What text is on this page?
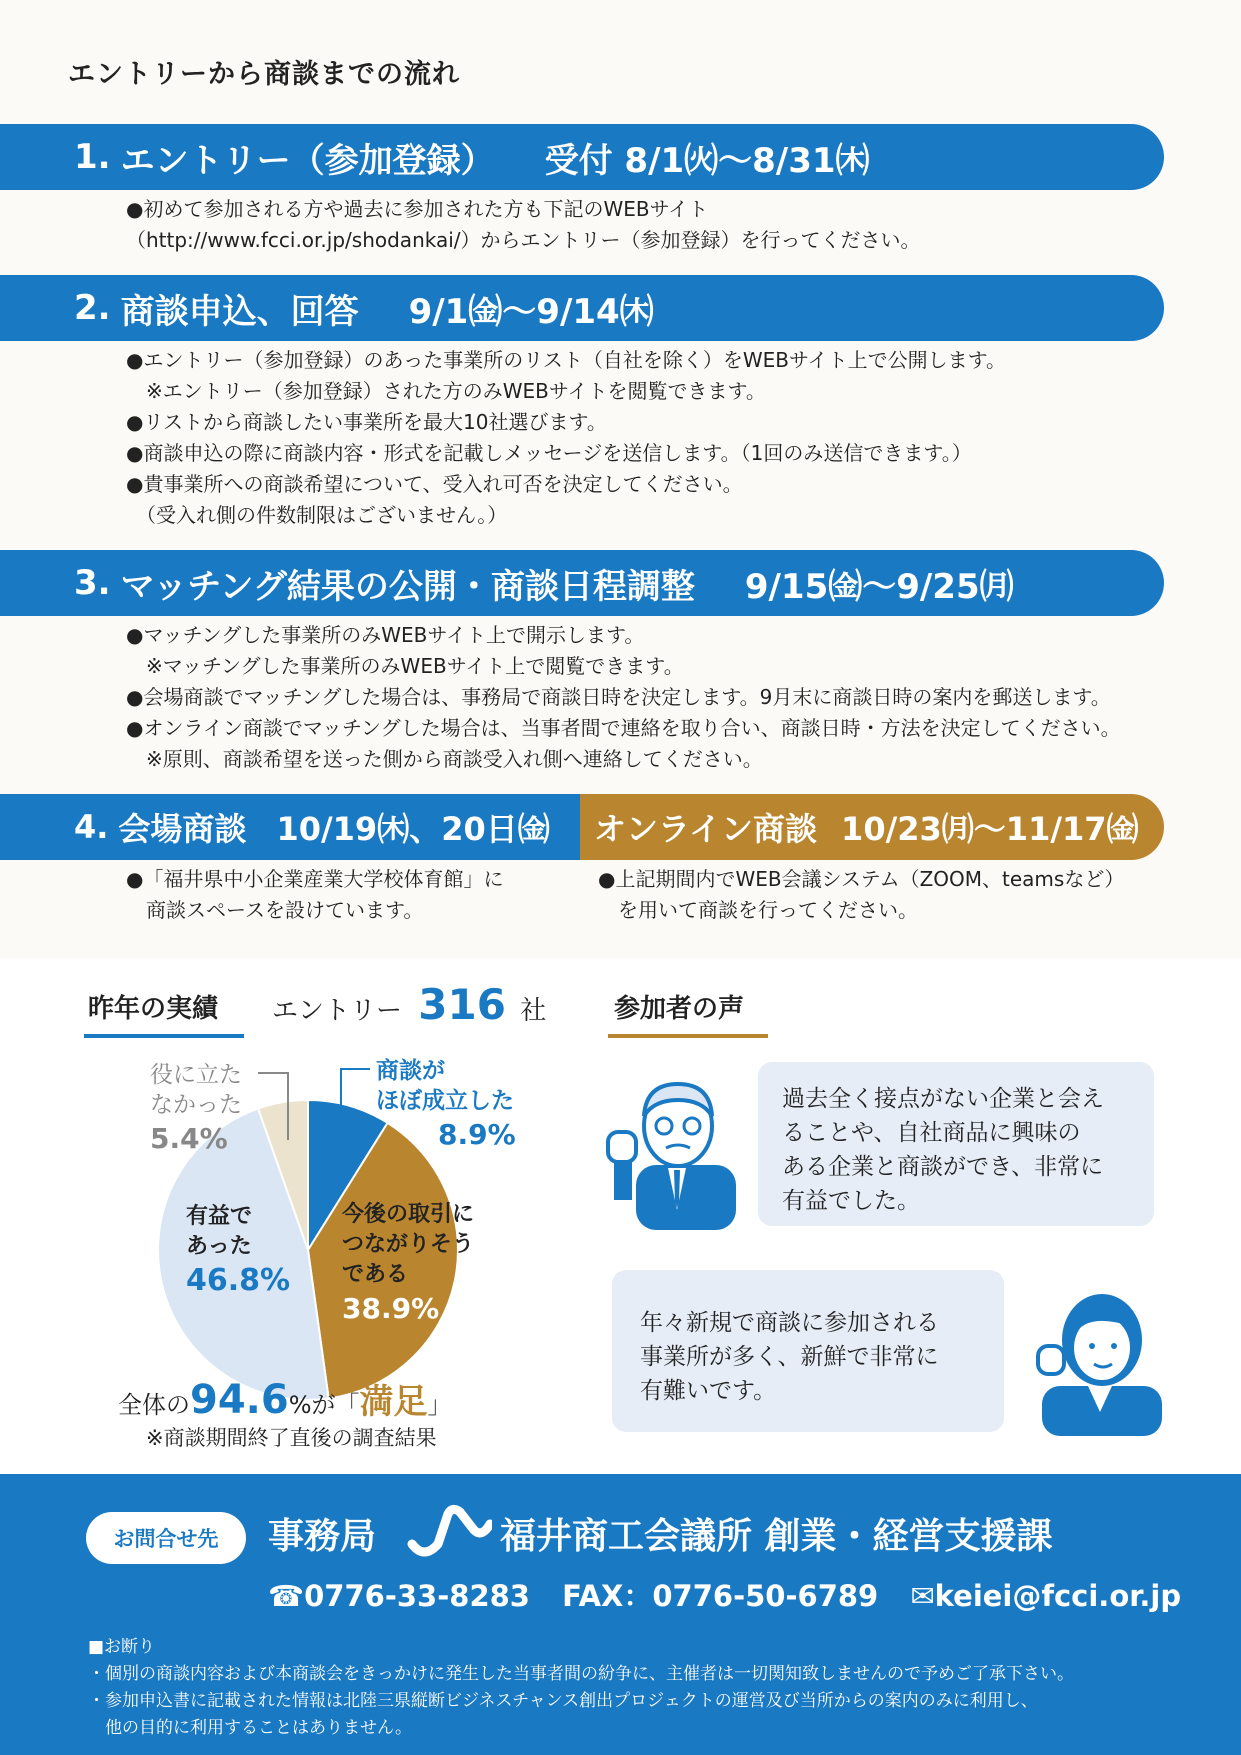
エントリーから商談までの流れ
1. エントリー（参加登録） 受付 8/1㈫〜8/31㈭
●初めて参加される方や過去に参加された方も下記のWEBサイト
（http://www.fcci.or.jp/shodankai/）からエントリー（参加登録）を行ってください。
2. 商談申込、回答 9/1㈮〜9/14㈭
●エントリー（参加登録）のあった事業所のリスト（自社を除く）をWEBサイト上で公開します。
　※エントリー（参加登録）された方のみWEBサイトを閲覧できます。
●リストから商談したい事業所を最大10社選びます。
●商談申込の際に商談内容・形式を記載しメッセージを送信します。（1回のみ送信できます。）
●貴事業所への商談希望について、受入れ可否を決定してください。
　（受入れ側の件数制限はございません。）
3. マッチング結果の公開・商談日程調整 9/15㈮〜9/25㈪
●マッチングした事業所のみWEBサイト上で開示します。
　※マッチングした事業所のみWEBサイト上で閲覧できます。
●会場商談でマッチングした場合は、事務局で商談日時を決定します。9月末に商談日時の案内を郵送します。
●オンライン商談でマッチングした場合は、当事者間で連絡を取り合い、商談日時・方法を決定してください。
　※原則、商談希望を送った側から商談受入れ側へ連絡してください。
4. 会場商談 10/19㈭、20日㈮ オンライン商談 10/23㈪〜11/17㈮
●「福井県中小企業産業大学校体育館」に
　商談スペースを設けています。
●上記期間内でWEB会議システム（ZOOM、teamsなど）
　を用いて商談を行ってください。
昨年の実績 エントリー 316 社
役に立た
なかった
5.4%
商談が
ほぼ成立した
8.9%
今後の取引に
つながりそう
である
38.9%
有益で
あった
46.8%
全体の94.6%が「満足」
※商談期間終了直後の調査結果
参加者の声
過去全く接点がない企業と会え
ることや、自社商品に興味の
ある企業と商談ができ、非常に
有益でした。
年々新規で商談に参加される
事業所が多く、新鮮で非常に
有難いです。
お問合せ先	事務局	福井商工会議所 創業・経営支援課
☎0776-33-8283 FAX：0776-50-6789 ✉keiei@fcci.or.jp
■お断り
・個別の商談内容および本商談会をきっかけに発生した当事者間の紛争に、主催者は一切関知致しませんので予めご了承下さい。
・参加申込書に記載された情報は北陸三県縦断ビジネスチャンス創出プロジェクトの運営及び当所からの案内のみに利用し、
　他の目的に利用することはありません。
